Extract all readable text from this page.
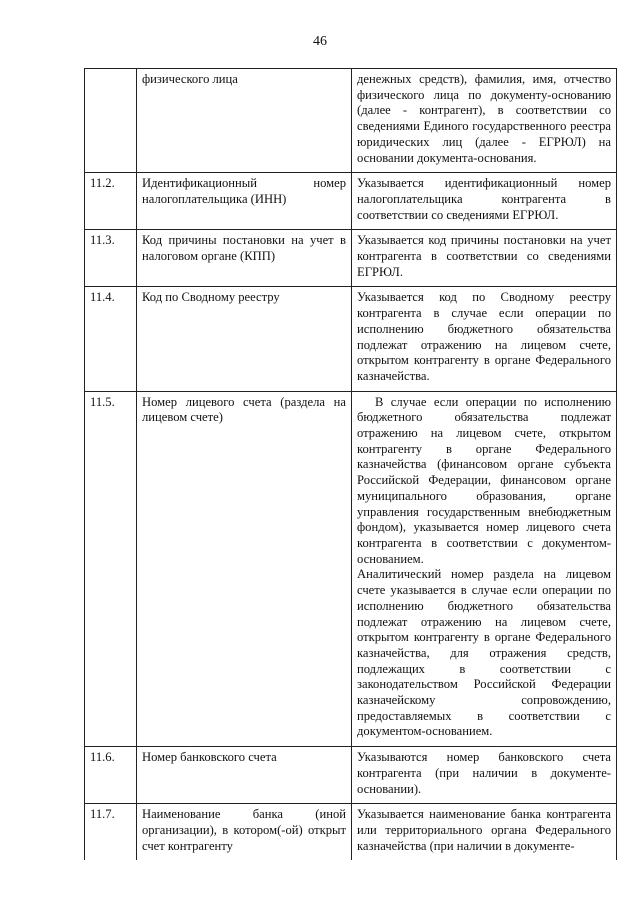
46
	физического лица	денежных средств), фамилия, имя, отчество физического лица по документу-основанию (далее - контрагент), в соответствии со сведениями Единого государственного реестра юридических лиц (далее - ЕГРЮЛ) на основании документа-основания.

11.2.	Идентификационный номер налогоплательщика (ИНН)	Указывается идентификационный номер налогоплательщика контрагента в соответствии со сведениями ЕГРЮЛ.

11.3.	Код причины постановки на учет в налоговом органе (КПП)	Указывается код причины постановки на учет контрагента в соответствии со сведениями ЕГРЮЛ.

11.4.	Код по Сводному реестру	Указывается код по Сводному реестру контрагента в случае если операции по исполнению бюджетного обязательства подлежат отражению на лицевом счете, открытом контрагенту в органе Федерального казначейства.

11.5.	Номер лицевого счета (раздела на лицевом счете)	В случае если операции по исполнению бюджетного обязательства подлежат отражению на лицевом счете, открытом контрагенту в органе Федерального казначейства (финансовом органе субъекта Российской Федерации, финансовом органе муниципального образования, органе управления государственным внебюджетным фондом), указывается номер лицевого счета контрагента в соответствии с документом-основанием.

Аналитический номер раздела на лицевом счете указывается в случае если операции по исполнению бюджетного обязательства подлежат отражению на лицевом счете, открытом контрагенту в органе Федерального казначейства, для отражения средств, подлежащих в соответствии с законодательством Российской Федерации казначейскому сопровождению, предоставляемых в соответствии с документом-основанием.

11.6.	Номер банковского счета	Указываются номер банковского счета контрагента (при наличии в документе-основании).

11.7.	Наименование банка (иной организации), в котором(-ой) открыт счет контрагенту	Указывается наименование банка контрагента или территориального органа Федерального казначейства (при наличии в документе-
